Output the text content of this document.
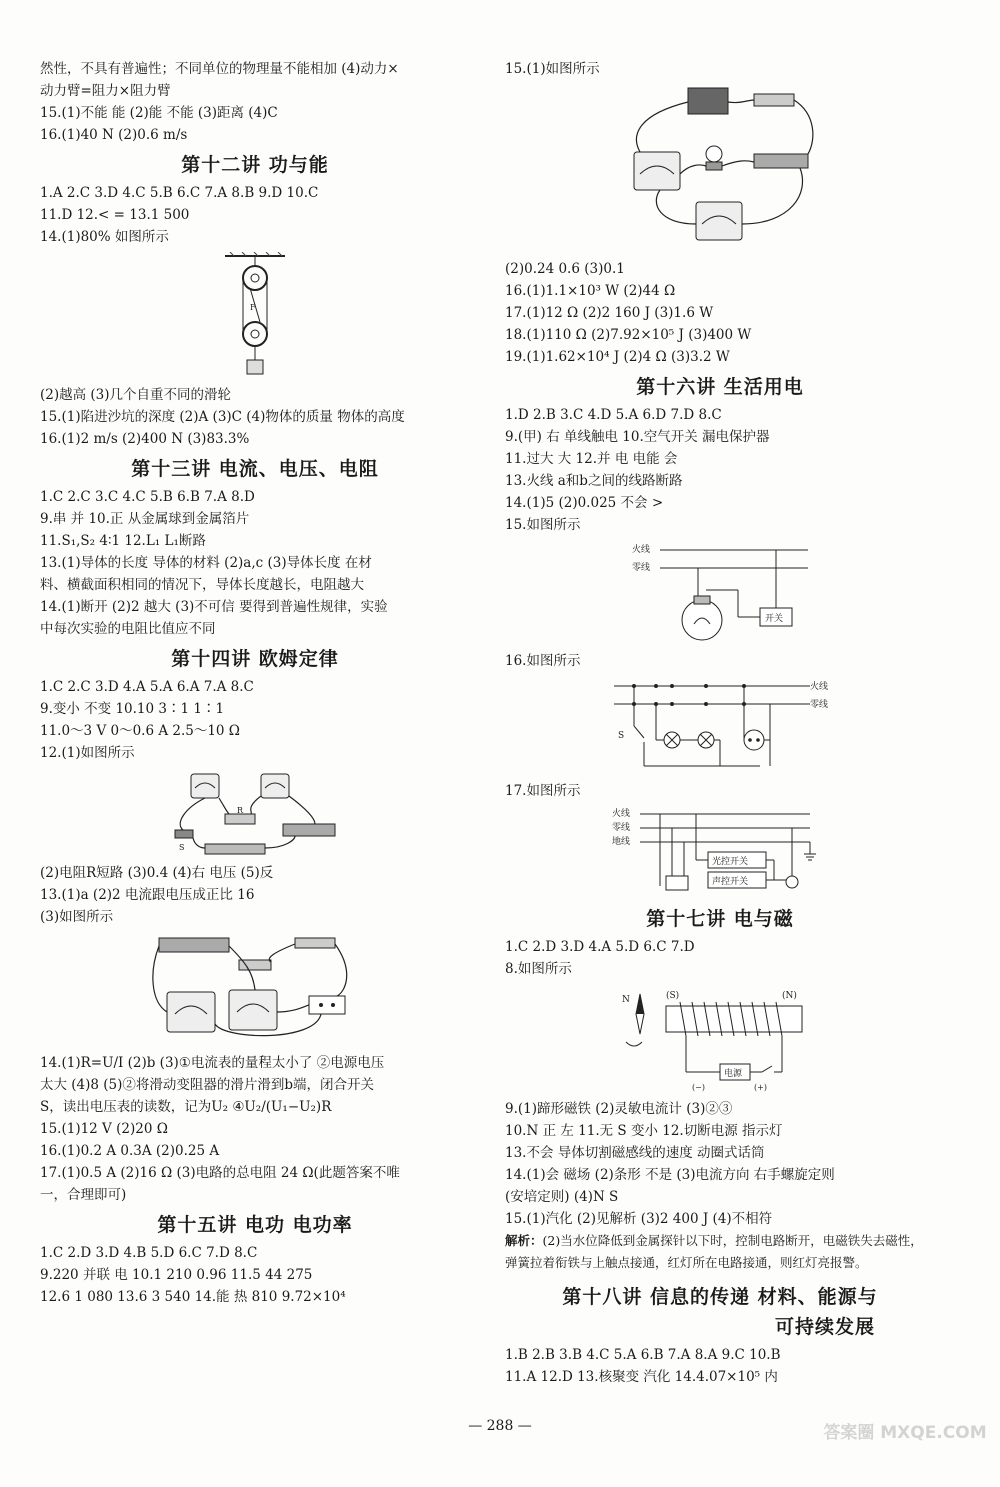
然性，不具有普遍性；不同单位的物理量不能相加 (4)动力×
动力臂=阻力×阻力臂
15.(1)不能 能 (2)能 不能 (3)距离 (4)C
16.(1)40 N (2)0.6 m/s
第十二讲 功与能
1.A 2.C 3.D 4.C 5.B 6.C 7.A 8.B 9.D 10.C
11.D 12.< = 13.1 500
14.(1)80% 如图所示
F
(2)越高 (3)几个自重不同的滑轮
15.(1)陷进沙坑的深度 (2)A (3)C (4)物体的质量 物体的高度
16.(1)2 m/s (2)400 N (3)83.3%
第十三讲 电流、电压、电阻
1.C 2.C 3.C 4.C 5.B 6.B 7.A 8.D
9.串 并 10.正 从金属球到金属箔片
11.S₁,S₂ 4∶1 12.L₁ L₁断路
13.(1)导体的长度 导体的材料 (2)a,c (3)导体长度 在材
料、横截面积相同的情况下，导体长度越长，电阻越大
14.(1)断开 (2)2 越大 (3)不可信 要得到普遍性规律，实验
中每次实验的电阻比值应不同
第十四讲 欧姆定律
1.C 2.C 3.D 4.A 5.A 6.A 7.A 8.C
9.变小 不变 10.10 3∶1 1∶1
11.0～3 V 0～0.6 A 2.5～10 Ω
12.(1)如图所示
R
S
(2)电阻R短路 (3)0.4 (4)右 电压 (5)反
13.(1)a (2)2 电流跟电压成正比 16
(3)如图所示
14.(1)R=U/I (2)b (3)①电流表的量程太小了 ②电源电压
太大 (4)8 (5)②将滑动变阻器的滑片滑到b端，闭合开关
S，读出电压表的读数，记为U₂ ④U₂/(U₁−U₂)R
15.(1)12 V (2)20 Ω
16.(1)0.2 A 0.3A (2)0.25 A
17.(1)0.5 A (2)16 Ω (3)电路的总电阻 24 Ω(此题答案不唯
一，合理即可)
第十五讲 电功 电功率
1.C 2.D 3.D 4.B 5.D 6.C 7.D 8.C
9.220 并联 电 10.1 210 0.96 11.5 44 275
12.6 1 080 13.6 3 540 14.能 热 810 9.72×10⁴
15.(1)如图所示
(2)0.24 0.6 (3)0.1
16.(1)1.1×10³ W (2)44 Ω
17.(1)12 Ω (2)2 160 J (3)1.6 W
18.(1)110 Ω (2)7.92×10⁵ J (3)400 W
19.(1)1.62×10⁴ J (2)4 Ω (3)3.2 W
第十六讲 生活用电
1.D 2.B 3.C 4.D 5.A 6.D 7.D 8.C
9.(甲) 右 单线触电 10.空气开关 漏电保护器
11.过大 大 12.并 电 电能 会
13.火线 a和b之间的线路断路
14.(1)5 (2)0.025 不会 >
15.如图所示
火线
零线
开关
16.如图所示
火线
零线
S
17.如图所示
火线
零线
地线
光控开关
声控开关
第十七讲 电与磁
1.C 2.D 3.D 4.A 5.D 6.C 7.D
8.如图所示
N	(S)	(N)
电源
(−)	(+)
9.(1)蹄形磁铁 (2)灵敏电流计 (3)②③
10.N 正 左 11.无 S 变小 12.切断电源 指示灯
13.不会 导体切割磁感线的速度 动圈式话筒
14.(1)会 磁场 (2)条形 不是 (3)电流方向 右手螺旋定则
(安培定则) (4)N S
15.(1)汽化 (2)见解析 (3)2 400 J (4)不相符
解析：(2)当水位降低到金属探针以下时，控制电路断开，电磁铁失去磁性，弹簧拉着衔铁与上触点接通，红灯所在电路接通，则红灯亮报警。
第十八讲 信息的传递 材料、能源与
可持续发展
1.B 2.B 3.B 4.C 5.A 6.B 7.A 8.A 9.C 10.B
11.A 12.D 13.核聚变 汽化 14.4.07×10⁵ 内
— 288 —	答案圈 MXQE.COM
